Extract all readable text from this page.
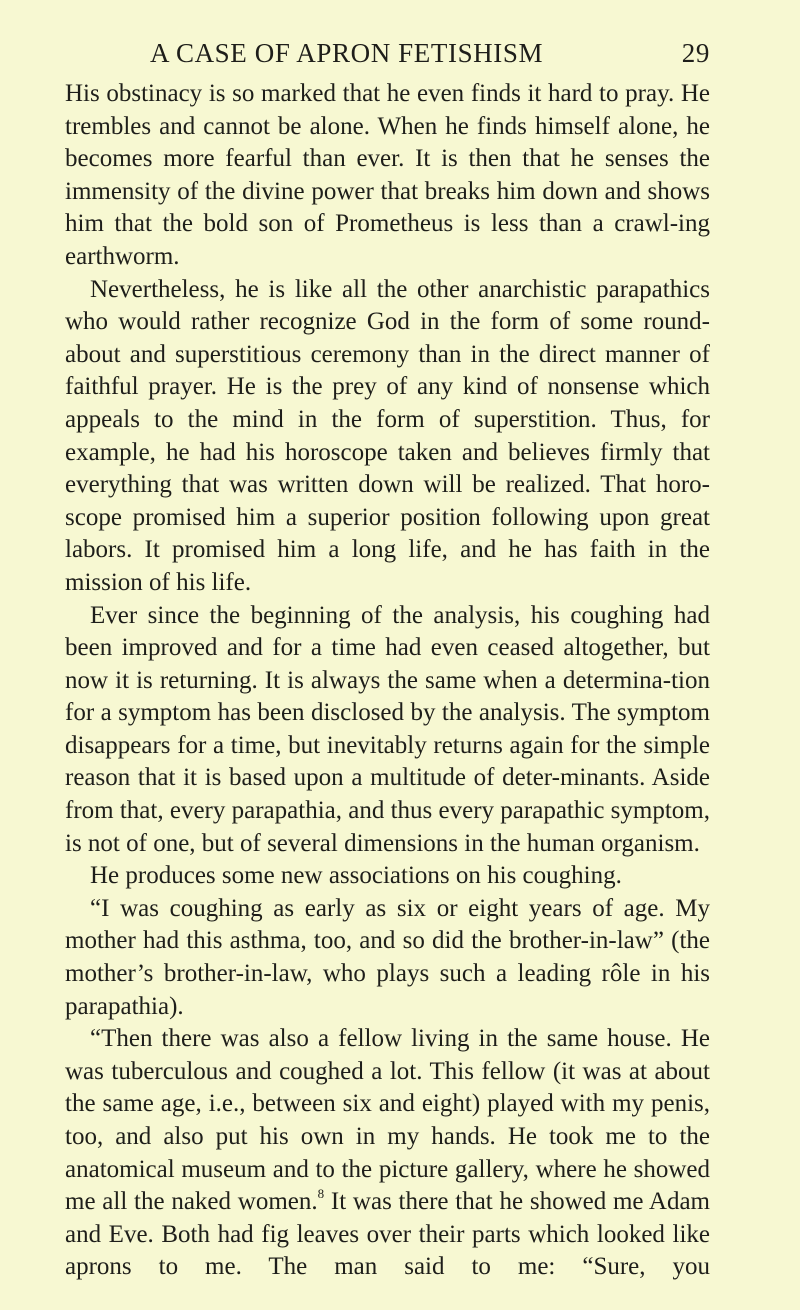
A CASE OF APRON FETISHISM	29

His obstinacy is so marked that he even finds it hard to pray. He trembles and cannot be alone. When he finds himself alone, he becomes more fearful than ever. It is then that he senses the immensity of the divine power that breaks him down and shows him that the bold son of Prometheus is less than a crawl-ing earthworm.

Nevertheless, he is like all the other anarchistic parapathics who would rather recognize God in the form of some round-about and superstitious ceremony than in the direct manner of faithful prayer. He is the prey of any kind of nonsense which appeals to the mind in the form of superstition. Thus, for example, he had his horoscope taken and believes firmly that everything that was written down will be realized. That horo-scope promised him a superior position following upon great labors. It promised him a long life, and he has faith in the mission of his life.

Ever since the beginning of the analysis, his coughing had been improved and for a time had even ceased altogether, but now it is returning. It is always the same when a determina-tion for a symptom has been disclosed by the analysis. The symptom disappears for a time, but inevitably returns again for the simple reason that it is based upon a multitude of deter-minants. Aside from that, every parapathia, and thus every parapathic symptom, is not of one, but of several dimensions in the human organism.

He produces some new associations on his coughing.

“I was coughing as early as six or eight years of age. My mother had this asthma, too, and so did the brother-in-law” (the mother’s brother-in-law, who plays such a leading rôle in his parapathia).

“Then there was also a fellow living in the same house. He was tuberculous and coughed a lot. This fellow (it was at about the same age, i.e., between six and eight) played with my penis, too, and also put his own in my hands. He took me to the anatomical museum and to the picture gallery, where he showed me all the naked women.$^8$ It was there that he showed me Adam and Eve. Both had fig leaves over their parts which looked like aprons to me. The man said to me: “Sure, you
